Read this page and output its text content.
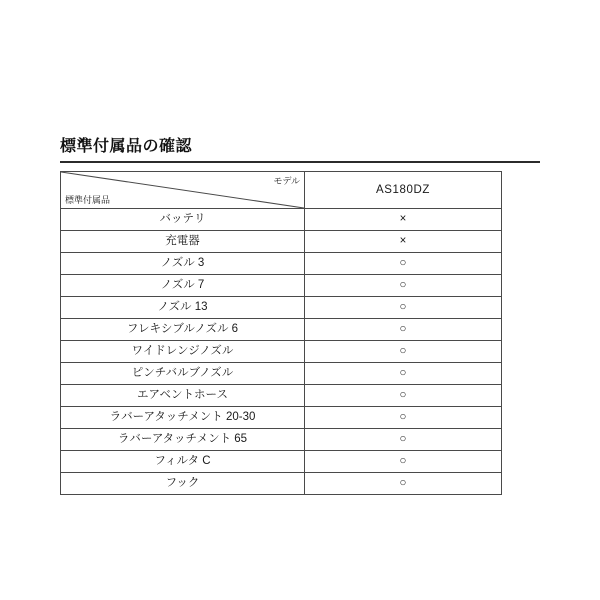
標準付属品の確認
モデル
標準付属品	AS180DZ
バッテリ	×
充電器	×
ノズル 3	○
ノズル 7	○
ノズル 13	○
フレキシブルノズル 6	○
ワイドレンジノズル	○
ピンチバルブノズル	○
エアベントホース	○
ラバーアタッチメント 20-30	○
ラバーアタッチメント 65	○
フィルタ C	○
フック	○
